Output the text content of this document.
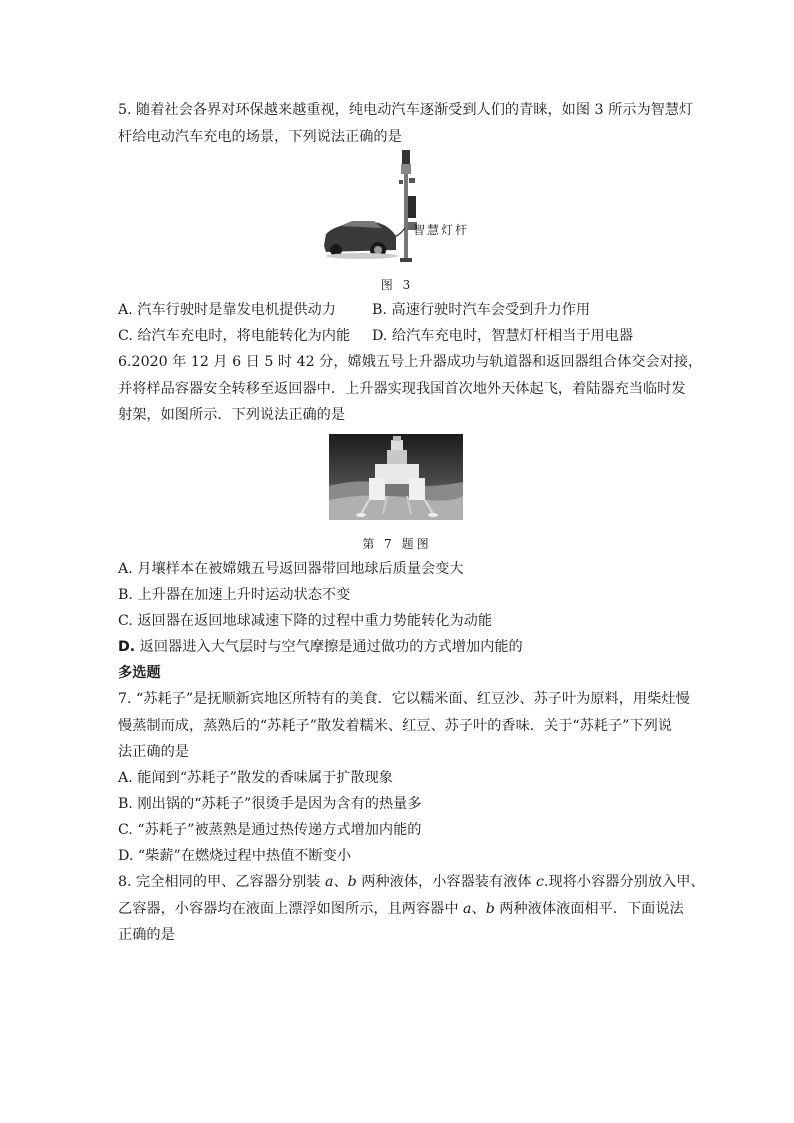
5. 随着社会各界对环保越来越重视，纯电动汽车逐渐受到人们的青睐，如图 3 所示为智慧灯
杆给电动汽车充电的场景，下列说法正确的是
智慧灯杆
图 3
A. 汽车行驶时是靠发电机提供动力	B. 高速行驶时汽车会受到升力作用
C. 给汽车充电时，将电能转化为内能 D. 给汽车充电时，智慧灯杆相当于用电器
6.2020 年 12 月 6 日 5 时 42 分，嫦娥五号上升器成功与轨道器和返回器组合体交会对接，
并将样品容器安全转移至返回器中．上升器实现我国首次地外天体起飞，着陆器充当临时发
射架，如图所示．下列说法正确的是
第 7 题图
A. 月壤样本在被嫦娥五号返回器带回地球后质量会变大
B. 上升器在加速上升时运动状态不变
C. 返回器在返回地球减速下降的过程中重力势能转化为动能
D. 返回器进入大气层时与空气摩擦是通过做功的方式增加内能的
多选题
7. “苏耗子”是抚顺新宾地区所特有的美食．它以糯米面、红豆沙、苏子叶为原料，用柴灶慢
慢蒸制而成，蒸熟后的“苏耗子”散发着糯米、红豆、苏子叶的香味．关于“苏耗子”下列说
法正确的是
A. 能闻到“苏耗子”散发的香味属于扩散现象
B. 刚出锅的“苏耗子”很烫手是因为含有的热量多
C. “苏耗子”被蒸熟是通过热传递方式增加内能的
D. “柴薪”在燃烧过程中热值不断变小
8. 完全相同的甲、乙容器分别装 a、b 两种液体，小容器装有液体 c.现将小容器分别放入甲、
乙容器，小容器均在液面上漂浮如图所示，且两容器中 a、b 两种液体液面相平．下面说法
正确的是
